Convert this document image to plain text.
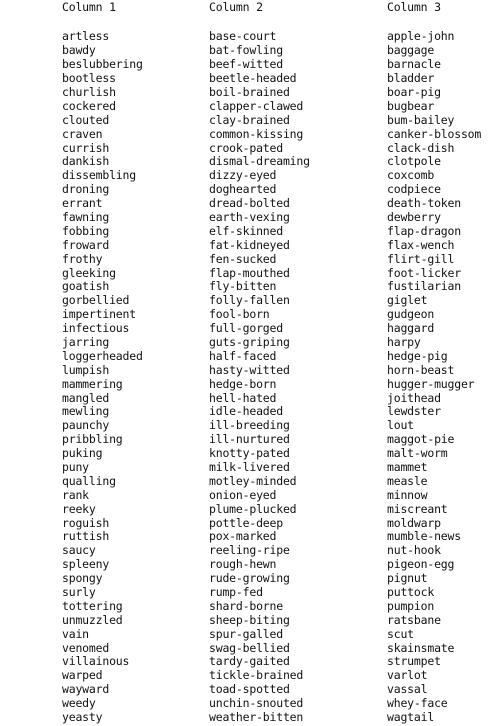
Column 1
artless
bawdy
beslubbering
bootless
churlish
cockered
clouted
craven
currish
dankish
dissembling
droning
errant
fawning
fobbing
froward
frothy
gleeking
goatish
gorbellied
impertinent
infectious
jarring
loggerheaded
lumpish
mammering
mangled
mewling
paunchy
pribbling
puking
puny
qualling
rank
reeky
roguish
ruttish
saucy
spleeny
spongy
surly
tottering
unmuzzled
vain
venomed
villainous
warped
wayward
weedy
yeasty
Column 2
base-court
bat-fowling
beef-witted
beetle-headed
boil-brained
clapper-clawed
clay-brained
common-kissing
crook-pated
dismal-dreaming
dizzy-eyed
doghearted
dread-bolted
earth-vexing
elf-skinned
fat-kidneyed
fen-sucked
flap-mouthed
fly-bitten
folly-fallen
fool-born
full-gorged
guts-griping
half-faced
hasty-witted
hedge-born
hell-hated
idle-headed
ill-breeding
ill-nurtured
knotty-pated
milk-livered
motley-minded
onion-eyed
plume-plucked
pottle-deep
pox-marked
reeling-ripe
rough-hewn
rude-growing
rump-fed
shard-borne
sheep-biting
spur-galled
swag-bellied
tardy-gaited
tickle-brained
toad-spotted
unchin-snouted
weather-bitten
Column 3
apple-john
baggage
barnacle
bladder
boar-pig
bugbear
bum-bailey
canker-blossom
clack-dish
clotpole
coxcomb
codpiece
death-token
dewberry
flap-dragon
flax-wench
flirt-gill
foot-licker
fustilarian
giglet
gudgeon
haggard
harpy
hedge-pig
horn-beast
hugger-mugger
joithead
lewdster
lout
maggot-pie
malt-worm
mammet
measle
minnow
miscreant
moldwarp
mumble-news
nut-hook
pigeon-egg
pignut
puttock
pumpion
ratsbane
scut
skainsmate
strumpet
varlot
vassal
whey-face
wagtail
